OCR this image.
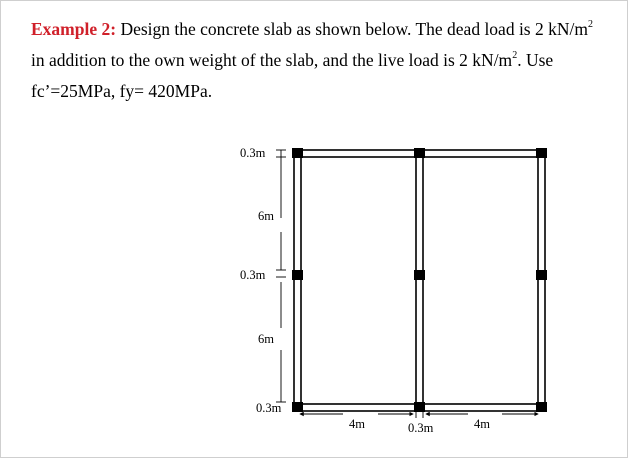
Example 2: Design the concrete slab as shown below. The dead load is 2 $kN/m^2$ in addition to the own weight of the slab, and the live load is 2 $kN/m^2$. Use fc’=25MPa, fy= 420MPa.

0.3m
6m
0.3m
6m
0.3m
4m	0.3m	4m
